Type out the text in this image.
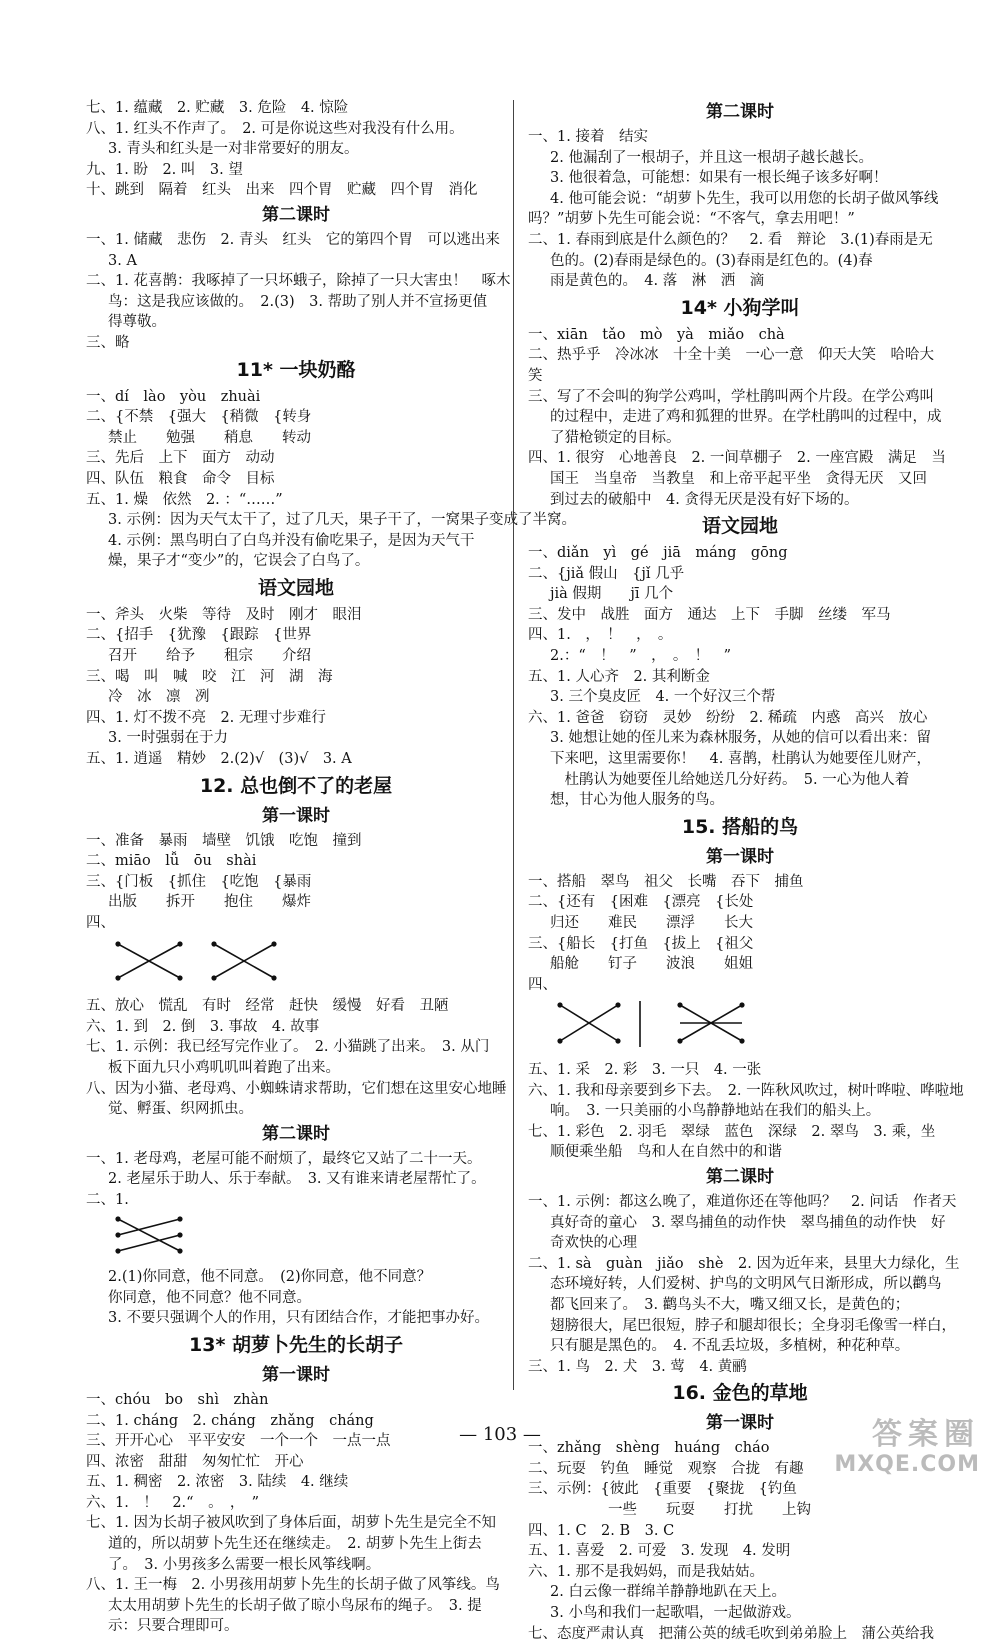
七、1. 蕴藏　2. 贮藏　3. 危险　4. 惊险
八、1. 红头不作声了。　2. 可是你说这些对我没有什么用。
3. 青头和红头是一对非常要好的朋友。
九、1. 盼　2. 叫　3. 望
十、跳到　隔着　红头　出来　四个胃　贮藏　四个胃　消化
第二课时
一、1. 储藏　悲伤　2. 青头　红头　它的第四个胃　可以逃出来
3. A
二、1. 花喜鹊：我啄掉了一只坏蛾子，除掉了一只大害虫！　啄木
鸟：这是我应该做的。　2.(3)　3. 帮助了别人并不宣扬更值
得尊敬。
三、略
11* 一块奶酪
一、dí　lào　yòu　zhuài
二、{不禁　{强大　{稍微　{转身
禁止　　勉强　　稍息　　转动
三、先后　上下　面方　动动
四、队伍　粮食　命令　目标
五、1. 燥　依然　2. ：“……”
3. 示例：因为天气太干了，过了几天，果子干了，一窝果子变成了半窝。
4. 示例：黑鸟明白了白鸟并没有偷吃果子，是因为天气干
燥，果子才“变少”的，它误会了白鸟了。
语文园地
一、斧头　火柴　等待　及时　刚才　眼泪
二、{招手　{犹豫　{跟踪　{世界
召开　　给予　　租宗　　介绍
三、喝　叫　喊　咬　江　河　湖　海
冷　冰　凛　冽
四、1. 灯不拨不亮　2. 无理寸步难行
3. 一时强弱在于力
五、1. 逍遥　精妙　2.(2)√　(3)√　3. A
12. 总也倒不了的老屋
第一课时
一、准备　暴雨　墙壁　饥饿　吃饱　撞到
二、miāo　lǚ　ōu　shài
三、{门板　{抓住　{吃饱　{暴雨
出版　　拆开　　抱住　　爆炸
四、
五、放心　慌乱　有时　经常　赶快　缓慢　好看　丑陋
六、1. 到　2. 倒　3. 事故　4. 故事
七、1. 示例：我已经写完作业了。　2. 小猫跳了出来。　3. 从门
板下面九只小鸡叽叽叫着跑了出来。
八、因为小猫、老母鸡、小蜘蛛请求帮助，它们想在这里安心地睡
觉、孵蛋、织网抓虫。
第二课时
一、1. 老母鸡，老屋可能不耐烦了，最终它又站了二十一天。
2. 老屋乐于助人、乐于奉献。　3. 又有谁来请老屋帮忙了。
二、1.
2.(1)你同意，他不同意。　(2)你同意，他不同意？
你同意，他不同意？他不同意。
3. 不要只强调个人的作用，只有团结合作，才能把事办好。
13* 胡萝卜先生的长胡子
第一课时
一、chóu　bo　shì　zhàn
二、1. cháng　2. cháng　zhǎng　cháng
三、开开心心　平平安安　一个一个　一点一点
四、浓密　甜甜　匆匆忙忙　开心
五、1. 稠密　2. 浓密　3. 陆续　4. 继续
六、1.　！　2.“　。　，　”
七、1. 因为长胡子被风吹到了身体后面，胡萝卜先生是完全不知
道的，所以胡萝卜先生还在继续走。　2. 胡萝卜先生上街去
了。　3. 小男孩多么需要一根长风筝线啊。
八、1. 王一梅　2. 小男孩用胡萝卜先生的长胡子做了风筝线。鸟
太太用胡萝卜先生的长胡子做了晾小鸟尿布的绳子。　3. 提
示：只要合理即可。
第二课时
一、1. 接着　结实
2. 他漏刮了一根胡子，并且这一根胡子越长越长。
3. 他很着急，可能想：如果有一根长绳子该多好啊！
4. 他可能会说：“胡萝卜先生，我可以用您的长胡子做风筝线
吗？”胡萝卜先生可能会说：“不客气，拿去用吧！”
二、1. 春雨到底是什么颜色的？　2. 看　辩论　3.(1)春雨是无
色的。(2)春雨是绿色的。(3)春雨是红色的。(4)春
雨是黄色的。　4. 落　淋　洒　滴
14* 小狗学叫
一、xiān　tǎo　mò　yà　miǎo　chà
二、热乎乎　冷冰冰　十全十美　一心一意　仰天大笑　哈哈大
笑
三、写了不会叫的狗学公鸡叫，学杜鹃叫两个片段。在学公鸡叫
的过程中，走进了鸡和狐狸的世界。在学杜鹃叫的过程中，成
了猎枪锁定的目标。
四、1. 很穷　心地善良　2. 一间草棚子　2. 一座宫殿　满足　当
国王　当皇帝　当教皇　和上帝平起平坐　贪得无厌　又回
到过去的破船中　4. 贪得无厌是没有好下场的。
语文园地
一、diǎn　yì　gé　jiā　máng　gōng
二、{jiǎ 假山　{jǐ 几乎
jià 假期　　jī 几个
三、发中　战胜　面方　通达　上下　手脚　丝缕　军马
四、1.　，　！　，　。
2.：“　！　”　，　。　！　”
五、1. 人心齐　2. 其利断金
3. 三个臭皮匠　4. 一个好汉三个帮
六、1. 爸爸　窃窃　灵妙　纷纷　2. 稀疏　内惑　高兴　放心
3. 她想让她的侄儿来为森林服务，从她的信可以看出来：留
下来吧，这里需要你！　4. 喜鹊，杜鹃认为她要侄儿财产，
　杜鹃认为她要侄儿给她送几分好药。　5. 一心为他人着
想，甘心为他人服务的鸟。
15. 搭船的鸟
第一课时
一、搭船　翠鸟　祖父　长嘴　吞下　捕鱼
二、{还有　{困难　{漂亮　{长处
归还　　难民　　漂浮　　长大
三、{船长　{打鱼　{拔上　{祖父
船舱　　钉子　　波浪　　姐姐
四、
五、1. 采　2. 彩　3. 一只　4. 一张
六、1. 我和母亲要到乡下去。　2. 一阵秋风吹过，树叶哗啦、哗啦地
响。　3. 一只美丽的小鸟静静地站在我们的船头上。
七、1. 彩色　2. 羽毛　翠绿　蓝色　深绿　2. 翠鸟　3. 乘，坐
顺便乘坐船　鸟和人在自然中的和谐
第二课时
一、1. 示例：都这么晚了，难道你还在等他吗？　2. 问话　作者天
真好奇的童心　3. 翠鸟捕鱼的动作快　翠鸟捕鱼的动作快　好
奇欢快的心理
二、1. sà　guàn　jiǎo　shè　2. 因为近年来，县里大力绿化，生
态环境好转，人们爱树、护鸟的文明风气日渐形成，所以鹳鸟
都飞回来了。　3. 鹳鸟头不大，嘴又细又长，是黄色的；
翅膀很大，尾巴很短，脖子和腿却很长；全身羽毛像雪一样白，
只有腿是黑色的。　4. 不乱丢垃圾，多植树，种花种草。
三、1. 鸟　2. 犬　3. 莺　4. 黄鹂
16. 金色的草地
第一课时
一、zhǎng　shèng　huáng　cháo
二、玩耍　钓鱼　睡觉　观察　合拢　有趣
三、示例：{彼此　{重要　{聚拢　{钓鱼
　　　　一些　　玩耍　　打扰　　上钩
四、1. C　2. B　3. C
五、1. 喜爱　2. 可爱　3. 发现　4. 发明
六、1. 那不是我妈妈，而是我姑姑。
2. 白云像一群绵羊静静地趴在天上。
3. 小鸟和我们一起歌唱，一起做游戏。
七、态度严肃认真　把蒲公英的绒毛吹到弟弟脸上　蒲公英给我
— 103 —	答案圈
MXQE.COM
